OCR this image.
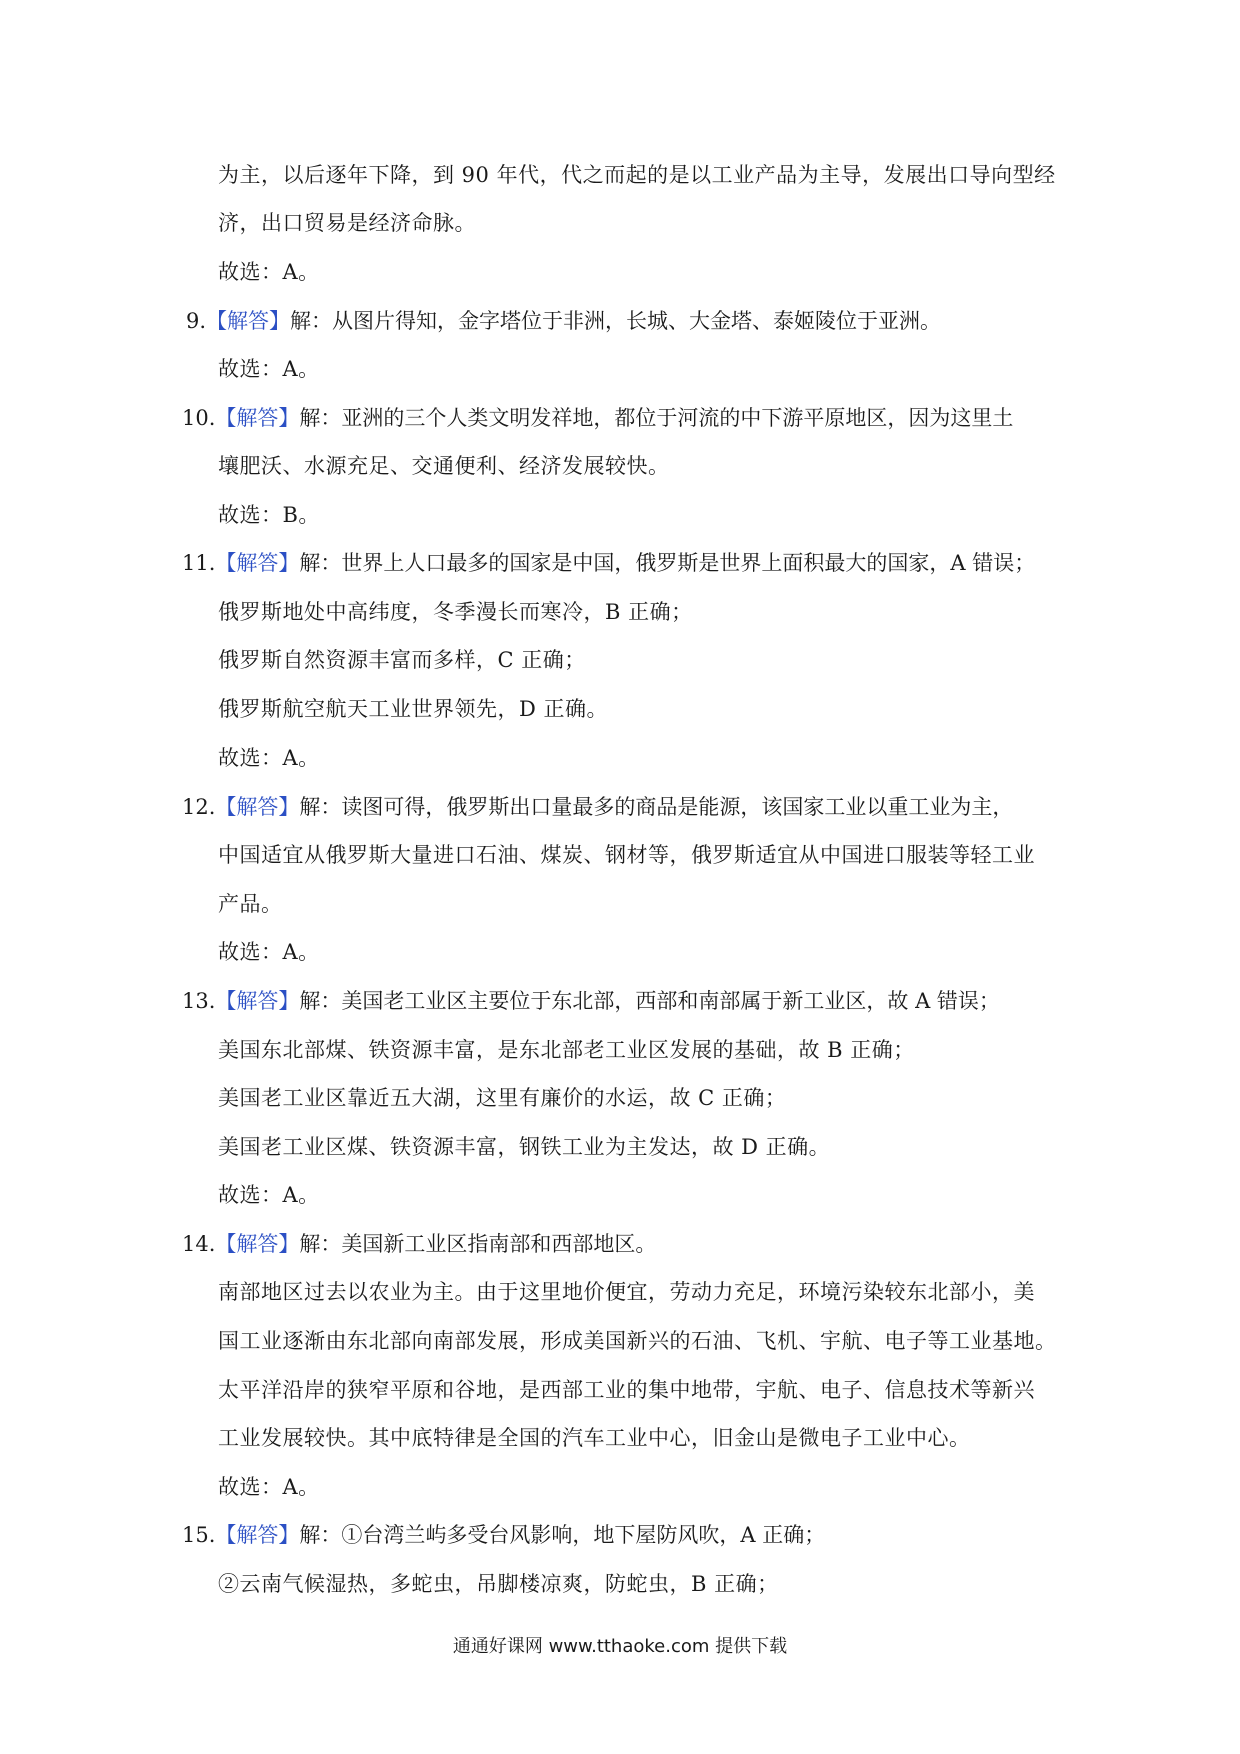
为主，以后逐年下降，到 90 年代，代之而起的是以工业产品为主导，发展出口导向型经
济，出口贸易是经济命脉。
故选：A。
9.【解答】解：从图片得知，金字塔位于非洲，长城、大金塔、泰姬陵位于亚洲。
故选：A。
10.【解答】解：亚洲的三个人类文明发祥地，都位于河流的中下游平原地区，因为这里土
壤肥沃、水源充足、交通便利、经济发展较快。
故选：B。
11.【解答】解：世界上人口最多的国家是中国，俄罗斯是世界上面积最大的国家，A 错误；
俄罗斯地处中高纬度，冬季漫长而寒冷，B 正确；
俄罗斯自然资源丰富而多样，C 正确；
俄罗斯航空航天工业世界领先，D 正确。
故选：A。
12.【解答】解：读图可得，俄罗斯出口量最多的商品是能源，该国家工业以重工业为主，
中国适宜从俄罗斯大量进口石油、煤炭、钢材等，俄罗斯适宜从中国进口服装等轻工业
产品。
故选：A。
13.【解答】解：美国老工业区主要位于东北部，西部和南部属于新工业区，故 A 错误；
美国东北部煤、铁资源丰富，是东北部老工业区发展的基础，故 B 正确；
美国老工业区靠近五大湖，这里有廉价的水运，故 C 正确；
美国老工业区煤、铁资源丰富，钢铁工业为主发达，故 D 正确。
故选：A。
14.【解答】解：美国新工业区指南部和西部地区。
南部地区过去以农业为主。由于这里地价便宜，劳动力充足，环境污染较东北部小，美
国工业逐渐由东北部向南部发展，形成美国新兴的石油、飞机、宇航、电子等工业基地。
太平洋沿岸的狭窄平原和谷地，是西部工业的集中地带，宇航、电子、信息技术等新兴
工业发展较快。其中底特律是全国的汽车工业中心，旧金山是微电子工业中心。
故选：A。
15.【解答】解：①台湾兰屿多受台风影响，地下屋防风吹，A 正确；
②云南气候湿热，多蛇虫，吊脚楼凉爽，防蛇虫，B 正确；
通通好课网 www.tthaoke.com 提供下载
